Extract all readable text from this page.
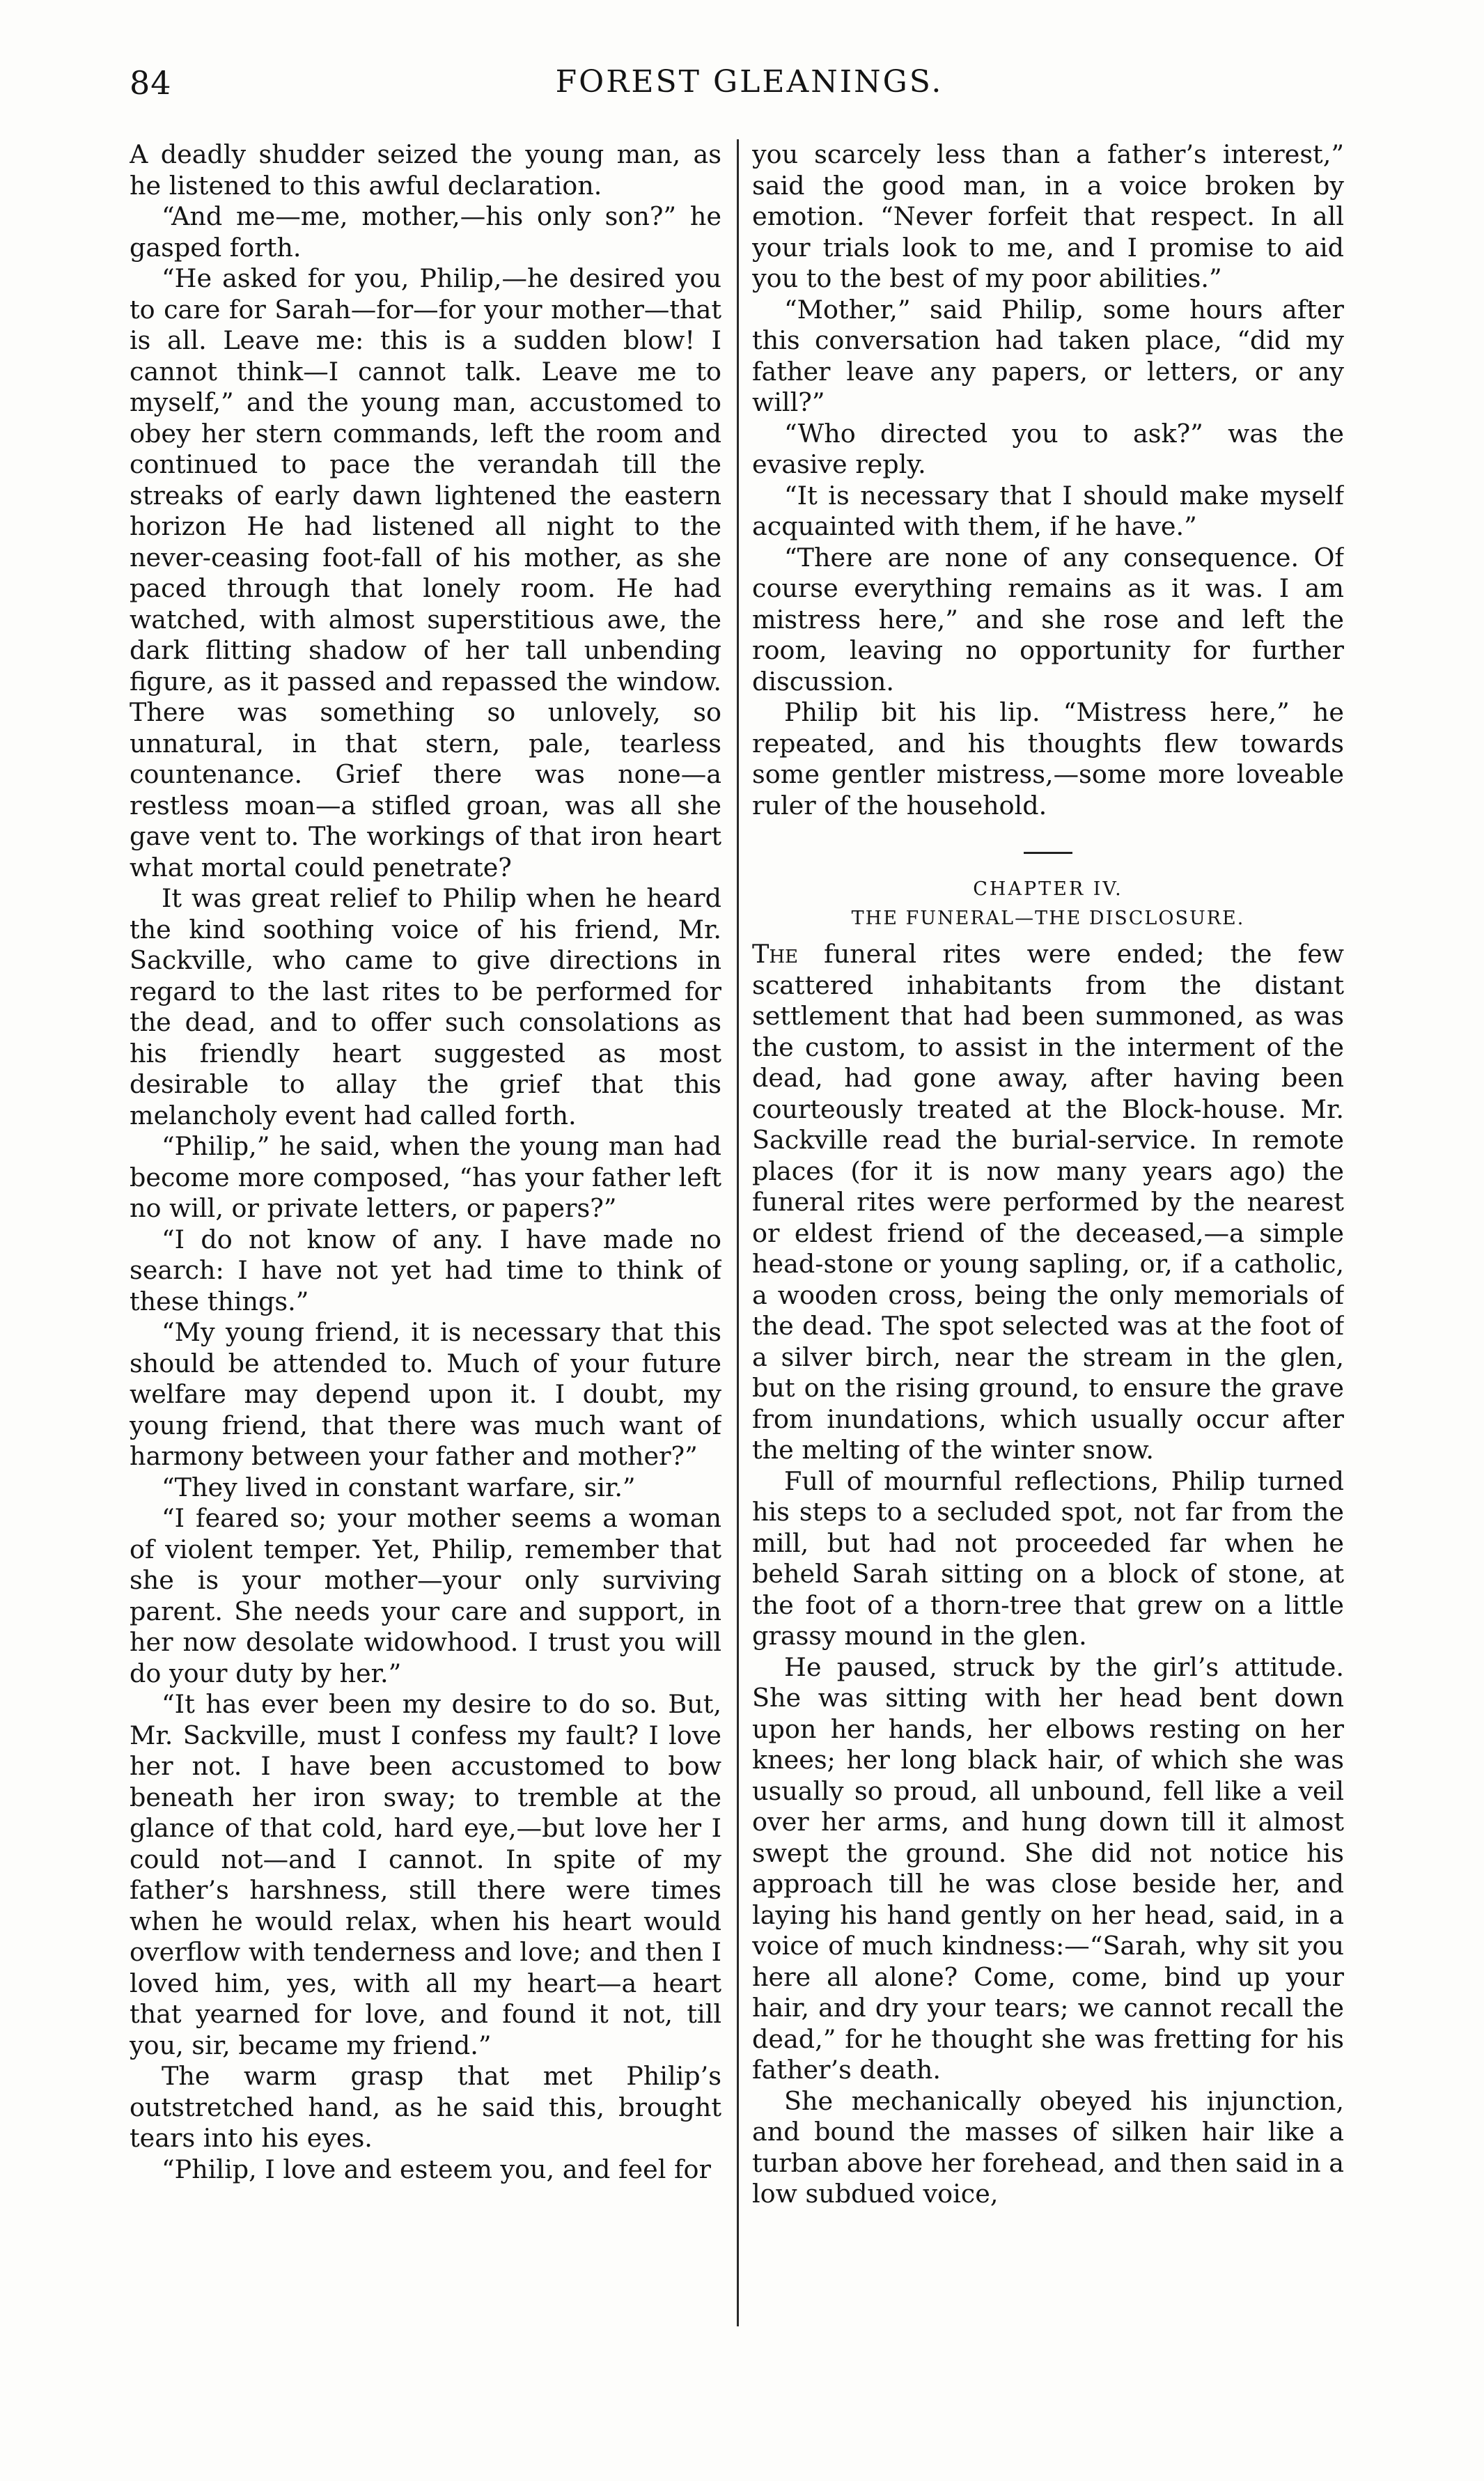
84	FOREST GLEANINGS.

A deadly shudder seized the young man, as he listened to this awful declaration.

“And me—me, mother,—his only son?” he gasped forth.

“He asked for you, Philip,—he desired you to care for Sarah—for—for your mother—that is all. Leave me: this is a sudden blow! I cannot think—I cannot talk. Leave me to myself,” and the young man, accustomed to obey her stern commands, left the room and continued to pace the verandah till the streaks of early dawn lightened the eastern horizon He had listened all night to the never-ceasing foot-fall of his mother, as she paced through that lonely room. He had watched, with almost superstitious awe, the dark flitting shadow of her tall unbending figure, as it passed and repassed the window. There was something so unlovely, so unnatural, in that stern, pale, tearless countenance. Grief there was none—a restless moan—a stifled groan, was all she gave vent to. The workings of that iron heart what mortal could penetrate?

It was great relief to Philip when he heard the kind soothing voice of his friend, Mr. Sackville, who came to give directions in regard to the last rites to be performed for the dead, and to offer such consolations as his friendly heart suggested as most desirable to allay the grief that this melancholy event had called forth.

“Philip,” he said, when the young man had become more composed, “has your father left no will, or private letters, or papers?”

“I do not know of any. I have made no search: I have not yet had time to think of these things.”

“My young friend, it is necessary that this should be attended to. Much of your future welfare may depend upon it. I doubt, my young friend, that there was much want of harmony between your father and mother?”

“They lived in constant warfare, sir.”

“I feared so; your mother seems a woman of violent temper. Yet, Philip, remember that she is your mother—your only surviving parent. She needs your care and support, in her now desolate widowhood. I trust you will do your duty by her.”

“It has ever been my desire to do so. But, Mr. Sackville, must I confess my fault? I love her not. I have been accustomed to bow beneath her iron sway; to tremble at the glance of that cold, hard eye,—but love her I could not—and I cannot. In spite of my father’s harshness, still there were times when he would relax, when his heart would overflow with tenderness and love; and then I loved him, yes, with all my heart—a heart that yearned for love, and found it not, till you, sir, became my friend.”

The warm grasp that met Philip’s outstretched hand, as he said this, brought tears into his eyes.

“Philip, I love and esteem you, and feel for

you scarcely less than a father’s interest,” said the good man, in a voice broken by emotion. “Never forfeit that respect. In all your trials look to me, and I promise to aid you to the best of my poor abilities.”

“Mother,” said Philip, some hours after this conversation had taken place, “did my father leave any papers, or letters, or any will?”

“Who directed you to ask?” was the evasive reply.

“It is necessary that I should make myself acquainted with them, if he have.”

“There are none of any consequence. Of course everything remains as it was. I am mistress here,” and she rose and left the room, leaving no opportunity for further discussion.

Philip bit his lip. “Mistress here,” he repeated, and his thoughts flew towards some gentler mistress,—some more loveable ruler of the household.

CHAPTER IV.
THE FUNERAL—THE DISCLOSURE.

The funeral rites were ended; the few scattered inhabitants from the distant settlement that had been summoned, as was the custom, to assist in the interment of the dead, had gone away, after having been courteously treated at the Block-house. Mr. Sackville read the burial-service. In remote places (for it is now many years ago) the funeral rites were performed by the nearest or eldest friend of the deceased,—a simple head-stone or young sapling, or, if a catholic, a wooden cross, being the only memorials of the dead. The spot selected was at the foot of a silver birch, near the stream in the glen, but on the rising ground, to ensure the grave from inundations, which usually occur after the melting of the winter snow.

Full of mournful reflections, Philip turned his steps to a secluded spot, not far from the mill, but had not proceeded far when he beheld Sarah sitting on a block of stone, at the foot of a thorn-tree that grew on a little grassy mound in the glen.

He paused, struck by the girl’s attitude. She was sitting with her head bent down upon her hands, her elbows resting on her knees; her long black hair, of which she was usually so proud, all unbound, fell like a veil over her arms, and hung down till it almost swept the ground. She did not notice his approach till he was close beside her, and laying his hand gently on her head, said, in a voice of much kindness:—“Sarah, why sit you here all alone? Come, come, bind up your hair, and dry your tears; we cannot recall the dead,” for he thought she was fretting for his father’s death.

She mechanically obeyed his injunction, and bound the masses of silken hair like a turban above her forehead, and then said in a low subdued voice,
